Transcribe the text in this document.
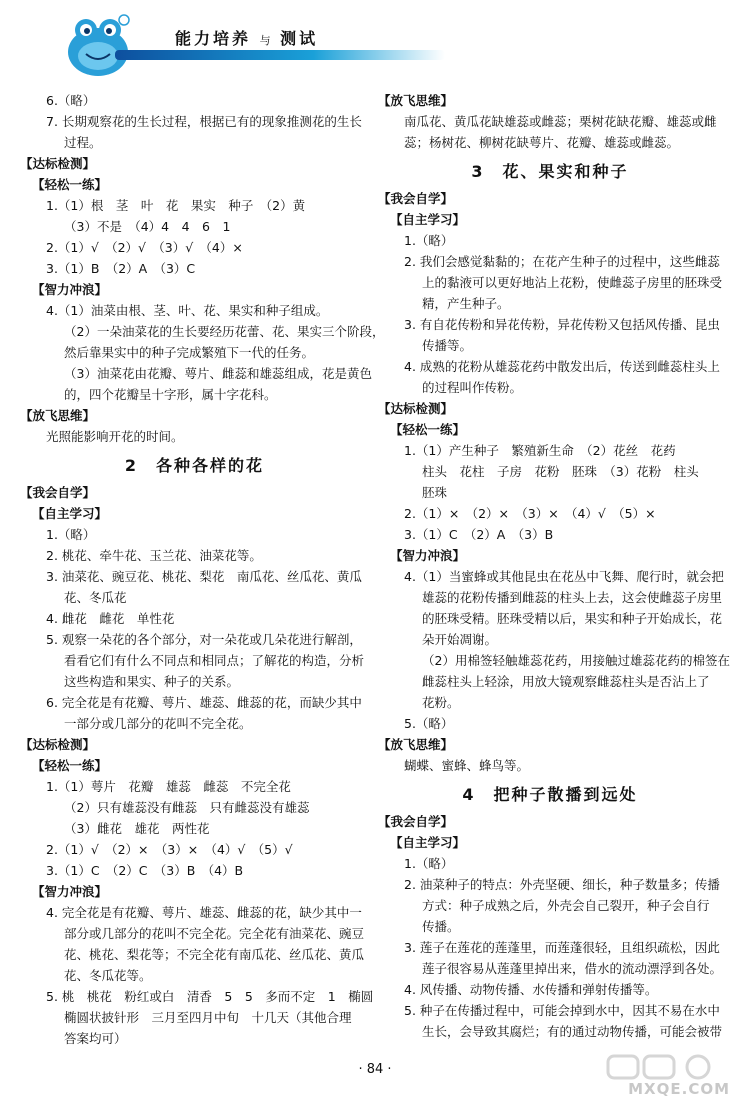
能力培养 与 测试
6.（略）
7. 长期观察花的生长过程，根据已有的现象推测花的生长
过程。
【达标检测】
【轻松一练】
1.（1）根　茎　叶　花　果实　种子　（2）黄
（3）不是　（4）4　4　6　1
2.（1）√　（2）√　（3）√　（4）×
3.（1）B　（2）A　（3）C
【智力冲浪】
4.（1）油菜由根、茎、叶、花、果实和种子组成。
（2）一朵油菜花的生长要经历花蕾、花、果实三个阶段，
然后靠果实中的种子完成繁殖下一代的任务。
（3）油菜花由花瓣、萼片、雌蕊和雄蕊组成，花是黄色
的，四个花瓣呈十字形，属十字花科。
【放飞思维】
光照能影响开花的时间。
2　各种各样的花
【我会自学】
【自主学习】
1.（略）
2. 桃花、牵牛花、玉兰花、油菜花等。
3. 油菜花、豌豆花、桃花、梨花　南瓜花、丝瓜花、黄瓜
花、冬瓜花
4. 雌花　雌花　单性花
5. 观察一朵花的各个部分，对一朵花或几朵花进行解剖，
看看它们有什么不同点和相同点；了解花的构造，分析
这些构造和果实、种子的关系。
6. 完全花是有花瓣、萼片、雄蕊、雌蕊的花，而缺少其中
一部分或几部分的花叫不完全花。
【达标检测】
【轻松一练】
1.（1）萼片　花瓣　雄蕊　雌蕊　不完全花
（2）只有雄蕊没有雌蕊　只有雌蕊没有雄蕊
（3）雌花　雄花　两性花
2.（1）√　（2）×　（3）×　（4）√　（5）√
3.（1）C　（2）C　（3）B　（4）B
【智力冲浪】
4. 完全花是有花瓣、萼片、雄蕊、雌蕊的花，缺少其中一
部分或几部分的花叫不完全花。完全花有油菜花、豌豆
花、桃花、梨花等；不完全花有南瓜花、丝瓜花、黄瓜
花、冬瓜花等。
5. 桃　桃花　粉红或白　清香　5　5　多而不定　1　椭圆
椭圆状披针形　三月至四月中旬　十几天（其他合理
答案均可）
【放飞思维】
南瓜花、黄瓜花缺雄蕊或雌蕊；栗树花缺花瓣、雄蕊或雌
蕊；杨树花、柳树花缺萼片、花瓣、雄蕊或雌蕊。
3　花、果实和种子
【我会自学】
【自主学习】
1.（略）
2. 我们会感觉黏黏的；在花产生种子的过程中，这些雌蕊
上的黏液可以更好地沾上花粉，使雌蕊子房里的胚珠受
精，产生种子。
3. 有自花传粉和异花传粉，异花传粉又包括风传播、昆虫
传播等。
4. 成熟的花粉从雄蕊花药中散发出后，传送到雌蕊柱头上
的过程叫作传粉。
【达标检测】
【轻松一练】
1.（1）产生种子　繁殖新生命　（2）花丝　花药
柱头　花柱　子房　花粉　胚珠　（3）花粉　柱头
胚珠
2.（1）×　（2）×　（3）×　（4）√　（5）×
3.（1）C　（2）A　（3）B
【智力冲浪】
4.（1）当蜜蜂或其他昆虫在花丛中飞舞、爬行时，就会把
雄蕊的花粉传播到雌蕊的柱头上去，这会使雌蕊子房里
的胚珠受精。胚珠受精以后，果实和种子开始成长，花
朵开始凋谢。
（2）用棉签轻触雄蕊花药，用接触过雄蕊花药的棉签在
雌蕊柱头上轻涂，用放大镜观察雌蕊柱头是否沾上了
花粉。
5.（略）
【放飞思维】
蝴蝶、蜜蜂、蜂鸟等。
4　把种子散播到远处
【我会自学】
【自主学习】
1.（略）
2. 油菜种子的特点：外壳坚硬、细长，种子数量多；传播
方式：种子成熟之后，外壳会自己裂开，种子会自行
传播。
3. 莲子在莲花的莲蓬里，而莲蓬很轻，且组织疏松，因此
莲子很容易从莲蓬里掉出来，借水的流动漂浮到各处。
4. 风传播、动物传播、水传播和弹射传播等。
5. 种子在传播过程中，可能会掉到水中，因其不易在水中
生长，会导致其腐烂；有的通过动物传播，可能会被带
· 84 ·
MXQE.COM
